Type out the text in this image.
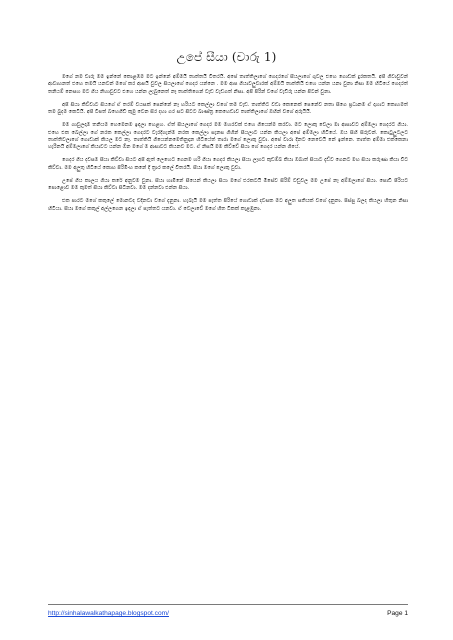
උපේ සීයා (චාරු 1)

මගේ නම චාරු මම ඉන්නේ කොළඹම මට ඉන්නේ අම්මයි තාත්තයි විතරයි. අපේ තාත්තිලාගේ ගෙදරගේ සීයලාගේ ගුවල එහෙ ගොඩක් දුරකතයි. අපි ගිවාවුවන් ආවාහනත් එහෙ තමයි යනවන් මගේ කර ආපයි වුවල සියලාගේ ගෙදර යන්නෙ . මම ආප ගියාවලුවාරක් අම්මයි තාත්තියි එහෙ යන්න යනා වුනා නිසා මම හිටියේ ගෙදරත් තනියම් නෙසහ මට ගිය නිහාවුවට එහෙ යන්න ලැබුනෙත් නෑ තාත්තිගෙන් වැඩ වැඩගත් නිසා. අපි පිරින් වගේ වැඩිරු යන්න පිටන් වුනා.

අපි සියා කිව්වාට සියගේ ඒ තරම් වයසක් පෙන්නේ නෑ හරියට කෙල්ලා වගේ තම වැඩ. තාත්තිට වඩා කෙනෙක් පෙනේව නතා සීගෙ ප්‍රධානම ඒ දාහාට කොහමත් තම බුදම කෙටියි. අපි වීපත් බහෙගිඩි කුමු වෙන සිර දහා ගර සට සීටට බාණ්ත්‍ර කෙහෙඩාව තාත්තිලාගේ ඔහින් වගේ අරුයියි.

මම ගාවුලදාම තනියම හෙමෙනම ඉඳලා හෙළහ. ඒත් සීයලාගේ ගෙදර මම මහරවක් එහෙ ගියෙන්ම කරවා. මට ලොකු වෙලා මා ආසාවට අම්මලා ගෙදරට ගියා. එහෙ එක බෙල්ලා ගේ නරක කෙල්ලා ගෙදරට වැරදිගැන්ම නරක කෙල්ලා සැනස ගිහින් සීයලාට යන්න කියලා අපේ අම්මලා හිටියේ. ඔය සිහි සිරුවන්. කොටුලුටලට තාත්තිවලාගේ ගොඩාක් කියල මට නෑ. තාත්තියි ගියෙන්නමෙතිනුදාන හිටියේත් තාරා මගේ ලොකු වුවා. අපේ වාරා දිනට නෙවෙයි නේ ඉන්නෙ. තාත්ත අම්මා එක්කෙනා හැරිනයි අම්මලාගේ කියාවට යන්න ඕන මගේ ම ආසාවට කියනව මට. ඒ නිසයි මම කිව්වේ සීයා ගේ ගෙදර යන්න ගියේ.

ගෙදර ගිය දවසම සීයා කිව්වා සියට අපි ඇත් ලෙහෙට ගෙනම හරි ගියා ගෙදර කියලා සීයා ලෑගට කුඩම්බ කියා ඔබාත් සියාට දැඩ්ව ගෙනට මහ සියා කරුණා කියා විට කිව්වා. මම අලුතු හිටියේ කොහ පිරිමිංහ කනේ දී ත්‍රාර කලේ විතරයි. සීයා මගේ ලොකු වුවා.

උපේ ගිය කාලය ගියා කරේ අනුවම වුනා. සීයා හාමිනේ සීයෙන් කියලා සියා මගේ එරකටයි මිසේව සිරිම් වඩුවල මම උපේ නෑ අම්මලාගේ සීයා. පොඩි පිරියට පොළොව මම කුමත් සීයා කිව්වා සිටිනවා. මම දන්නවා එන්න සීයා.

එක පාරට මගේ කකුලේ මොනවද වදිනවා වගේ දැනුනා. හැබැයි මම පැත්ත පිරියේ ගොඩාක් දවසක මට අලුත සතියක් වගේ දැනුනා. පිස්සු බලද කියලා හිතුන නිසා හිටියා. සීයා මගේ කකුල් අල්ලගෙන ඉඳලා ඒ පැත්තට යනවා. ඒ වෙලාවේ මගේ හිත ටිකක් කැළඹුනා.

http://sinhalawalkathapage.blogspot.com/	Page 1
